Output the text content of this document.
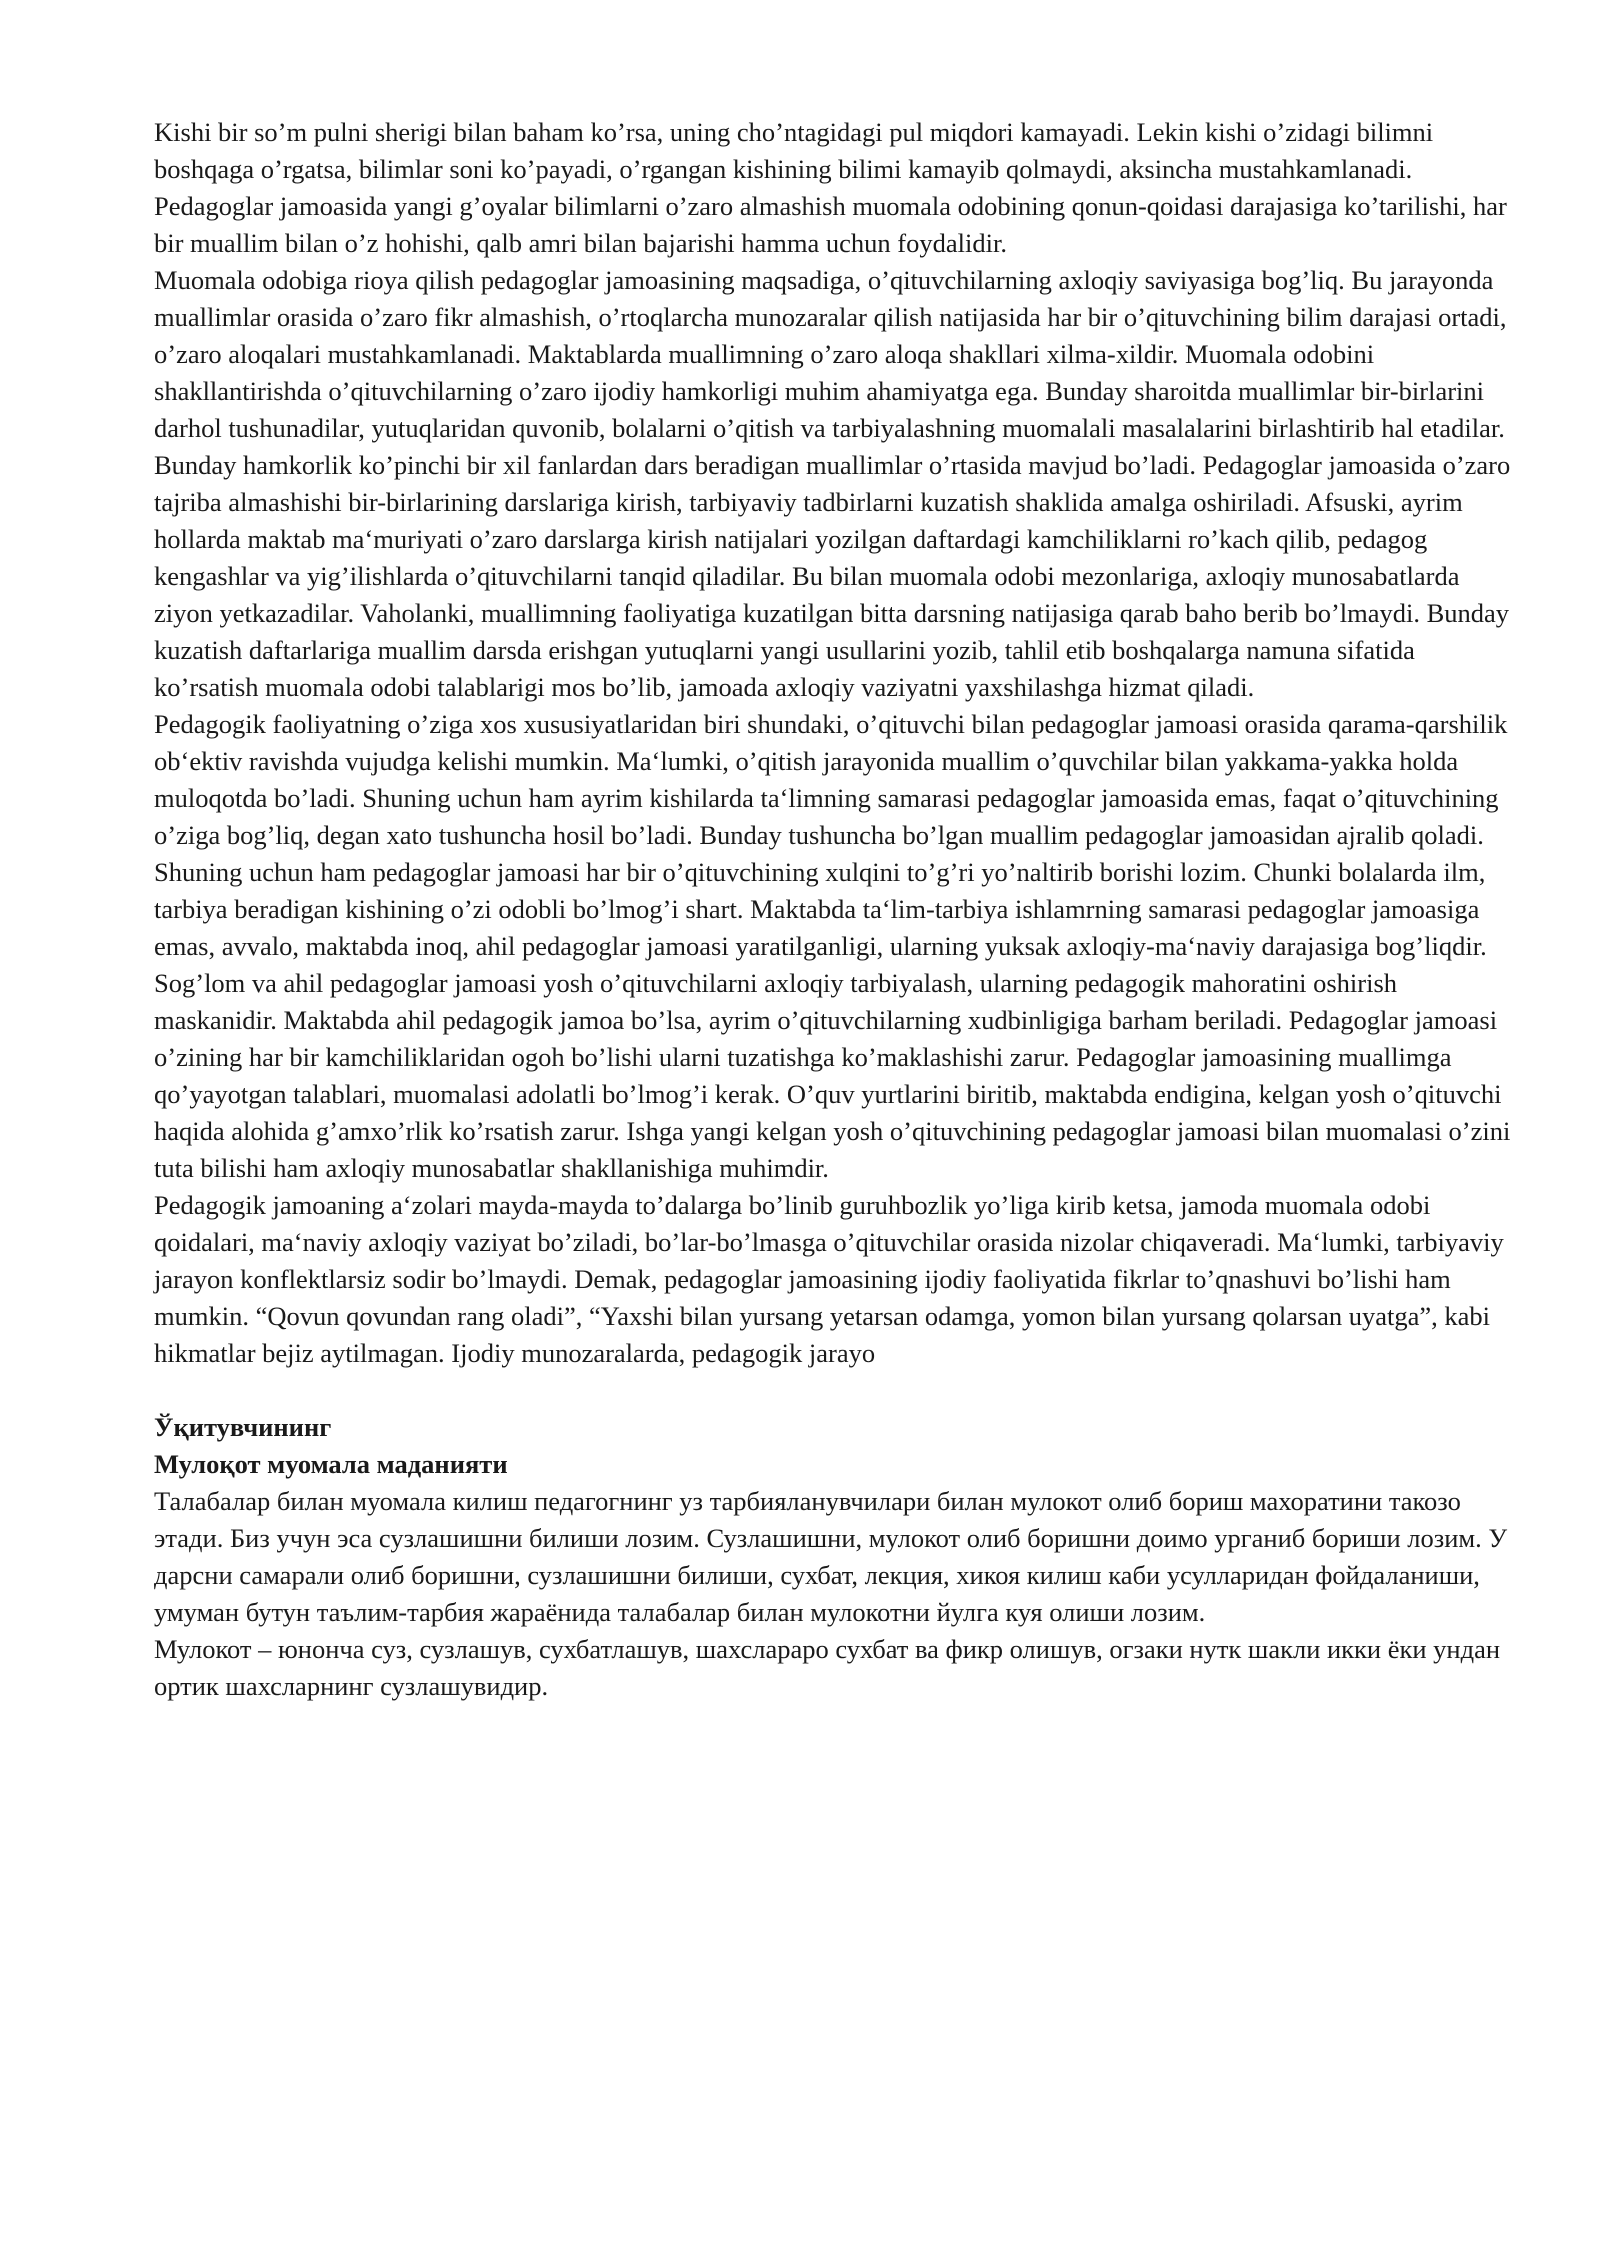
Kishi bir so’m pulni sherigi bilan baham ko’rsa, uning cho’ntagidagi pul miqdori kamayadi. Lekin kishi o’zidagi bilimni boshqaga o’rgatsa, bilimlar soni ko’payadi, o’rgangan kishining bilimi kamayib qolmaydi, aksincha mustahkamlanadi.

Pedagoglar jamoasida yangi g’oyalar bilimlarni o’zaro almashish muomala odobining qonun-qoidasi darajasiga ko’tarilishi, har bir muallim bilan o’z hohishi, qalb amri bilan bajarishi hamma uchun foydalidir.

Muomala odobiga rioya qilish pedagoglar jamoasining maqsadiga, o’qituvchilarning axloqiy saviyasiga bog’liq. Bu jarayonda muallimlar orasida o’zaro fikr almashish, o’rtoqlarcha munozaralar qilish natijasida har bir o’qituvchining bilim darajasi ortadi, o’zaro aloqalari mustahkamlanadi. Maktablarda muallimning o’zaro aloqa shakllari xilma-xildir. Muomala odobini shakllantirishda o’qituvchilarning o’zaro ijodiy hamkorligi muhim ahamiyatga ega. Bunday sharoitda muallimlar bir-birlarini darhol tushunadilar, yutuqlaridan quvonib, bolalarni o’qitish va tarbiyalashning muomalali masalalarini birlashtirib hal etadilar. Bunday hamkorlik ko’pinchi bir xil fanlardan dars beradigan muallimlar o’rtasida mavjud bo’ladi. Pedagoglar jamoasida o’zaro tajriba almashishi bir-birlarining darslariga kirish, tarbiyaviy tadbirlarni kuzatish shaklida amalga oshiriladi. Afsuski, ayrim hollarda maktab ma‘muriyati o’zaro darslarga kirish natijalari yozilgan daftardagi kamchiliklarni ro’kach qilib, pedagog kengashlar va yig’ilishlarda o’qituvchilarni tanqid qiladilar. Bu bilan muomala odobi mezonlariga, axloqiy munosabatlarda ziyon yetkazadilar. Vaholanki, muallimning faoliyatiga kuzatilgan bitta darsning natijasiga qarab baho berib bo’lmaydi. Bunday kuzatish daftarlariga muallim darsda erishgan yutuqlarni yangi usullarini yozib, tahlil etib boshqalarga namuna sifatida ko’rsatish muomala odobi talablarigi mos bo’lib, jamoada axloqiy vaziyatni yaxshilashga hizmat qiladi.

Pedagogik faoliyatning o’ziga xos xususiyatlaridan biri shundaki, o’qituvchi bilan pedagoglar jamoasi orasida qarama-qarshilik ob‘ektiv ravishda vujudga kelishi mumkin. Ma‘lumki, o’qitish jarayonida muallim o’quvchilar bilan yakkama-yakka holda muloqotda bo’ladi. Shuning uchun ham ayrim kishilarda ta‘limning samarasi pedagoglar jamoasida emas, faqat o’qituvchining o’ziga bog’liq, degan xato tushuncha hosil bo’ladi. Bunday tushuncha bo’lgan muallim pedagoglar jamoasidan ajralib qoladi. Shuning uchun ham pedagoglar jamoasi har bir o’qituvchining xulqini to’g’ri yo’naltirib borishi lozim. Chunki bolalarda ilm, tarbiya beradigan kishining o’zi odobli bo’lmog’i shart. Maktabda ta‘lim-tarbiya ishlamrning samarasi pedagoglar jamoasiga emas, avvalo, maktabda inoq, ahil pedagoglar jamoasi yaratilganligi, ularning yuksak axloqiy-ma‘naviy darajasiga bog’liqdir.

Sog’lom va ahil pedagoglar jamoasi yosh o’qituvchilarni axloqiy tarbiyalash, ularning pedagogik mahoratini oshirish maskanidir. Maktabda ahil pedagogik jamoa bo’lsa, ayrim o’qituvchilarning xudbinligiga barham beriladi. Pedagoglar jamoasi o’zining har bir kamchiliklaridan ogoh bo’lishi ularni tuzatishga ko’maklashishi zarur. Pedagoglar jamoasining muallimga qo’yayotgan talablari, muomalasi adolatli bo’lmog’i kerak. O’quv yurtlarini biritib, maktabda endigina, kelgan yosh o’qituvchi haqida alohida g’amxo’rlik ko’rsatish zarur. Ishga yangi kelgan yosh o’qituvchining pedagoglar jamoasi bilan muomalasi o’zini tuta bilishi ham axloqiy munosabatlar shakllanishiga muhimdir.

Pedagogik jamoaning a‘zolari mayda-mayda to’dalarga bo’linib guruhbozlik yo’liga kirib ketsa, jamoda muomala odobi qoidalari, ma‘naviy axloqiy vaziyat bo’ziladi, bo’lar-bo’lmasga o’qituvchilar orasida nizolar chiqaveradi. Ma‘lumki, tarbiyaviy jarayon konflektlarsiz sodir bo’lmaydi. Demak, pedagoglar jamoasining ijodiy faoliyatida fikrlar to’qnashuvi bo’lishi ham mumkin. “Qovun qovundan rang oladi”, “Yaxshi bilan yursang yetarsan odamga, yomon bilan yursang qolarsan uyatga”, kabi hikmatlar bejiz aytilmagan. Ijodiy munozaralarda, pedagogik jarayo

Ўқитувчининг

Мулоқот муомала маданияти

Талабалар билан муомала килиш педагогнинг уз тарбияланувчилари билан мулокот олиб бориш махоратини такозо этади. Биз учун эса сузлашишни билиши лозим. Сузлашишни, мулокот олиб боришни доимо урганиб бориши лозим. У дарсни самарали олиб боришни, сузлашишни билиши, сухбат, лекция, хикоя килиш каби усулларидан фойдаланиши, умуман бутун таълим-тарбия жараёнида талабалар билан мулокотни йулга куя олиши лозим.

Мулокот – юнонча суз, сузлашув, сухбатлашув, шахсларaро сухбат ва фикр олишув, огзаки нутк шакли икки ёки ундан ортик шахсларнинг сузлашувидир.
